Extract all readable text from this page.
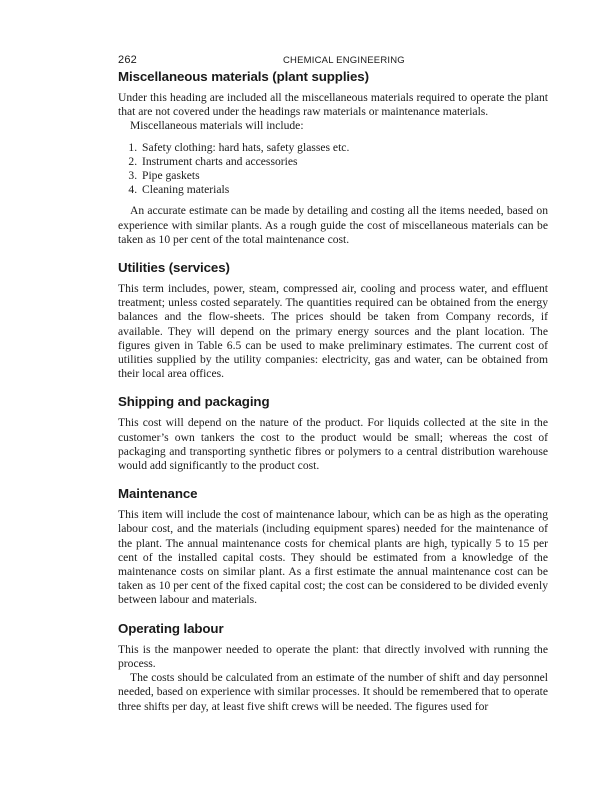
262	CHEMICAL ENGINEERING
Miscellaneous materials (plant supplies)

Under this heading are included all the miscellaneous materials required to operate the plant that are not covered under the headings raw materials or maintenance materials.

Miscellaneous materials will include:

1. Safety clothing: hard hats, safety glasses etc.
2. Instrument charts and accessories
3. Pipe gaskets
4. Cleaning materials

An accurate estimate can be made by detailing and costing all the items needed, based on experience with similar plants. As a rough guide the cost of miscellaneous materials can be taken as 10 per cent of the total maintenance cost.

Utilities (services)

This term includes, power, steam, compressed air, cooling and process water, and effluent treatment; unless costed separately. The quantities required can be obtained from the energy balances and the flow-sheets. The prices should be taken from Company records, if available. They will depend on the primary energy sources and the plant location. The figures given in Table 6.5 can be used to make preliminary estimates. The current cost of utilities supplied by the utility companies: electricity, gas and water, can be obtained from their local area offices.

Shipping and packaging

This cost will depend on the nature of the product. For liquids collected at the site in the customer’s own tankers the cost to the product would be small; whereas the cost of packaging and transporting synthetic fibres or polymers to a central distribution warehouse would add significantly to the product cost.

Maintenance

This item will include the cost of maintenance labour, which can be as high as the operating labour cost, and the materials (including equipment spares) needed for the maintenance of the plant. The annual maintenance costs for chemical plants are high, typically 5 to 15 per cent of the installed capital costs. They should be estimated from a knowledge of the maintenance costs on similar plant. As a first estimate the annual maintenance cost can be taken as 10 per cent of the fixed capital cost; the cost can be considered to be divided evenly between labour and materials.

Operating labour

This is the manpower needed to operate the plant: that directly involved with running the process.

The costs should be calculated from an estimate of the number of shift and day personnel needed, based on experience with similar processes. It should be remembered that to operate three shifts per day, at least five shift crews will be needed. The figures used for
